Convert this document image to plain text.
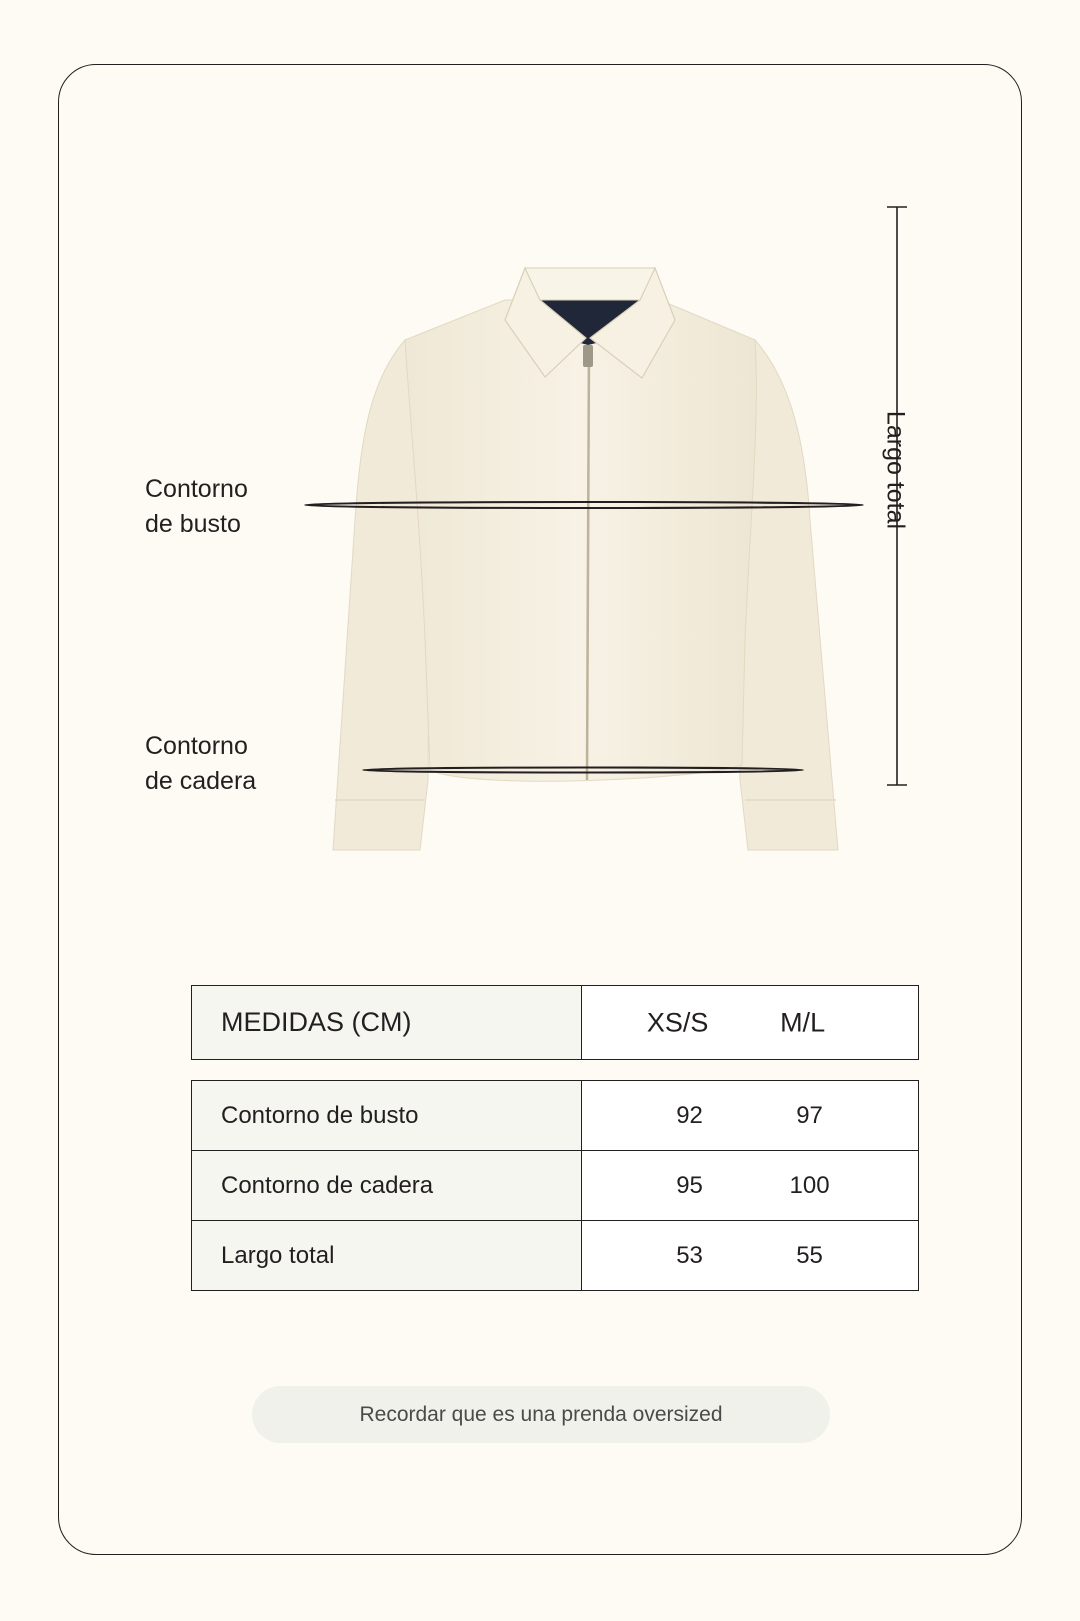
Contorno
de busto
Contorno
de cadera
Largo total
MEDIDAS (CM)	XS/S	M/L
Contorno de busto	92 97

Contorno de cadera	95 100

Largo total	53 55
Recordar que es una prenda oversized
